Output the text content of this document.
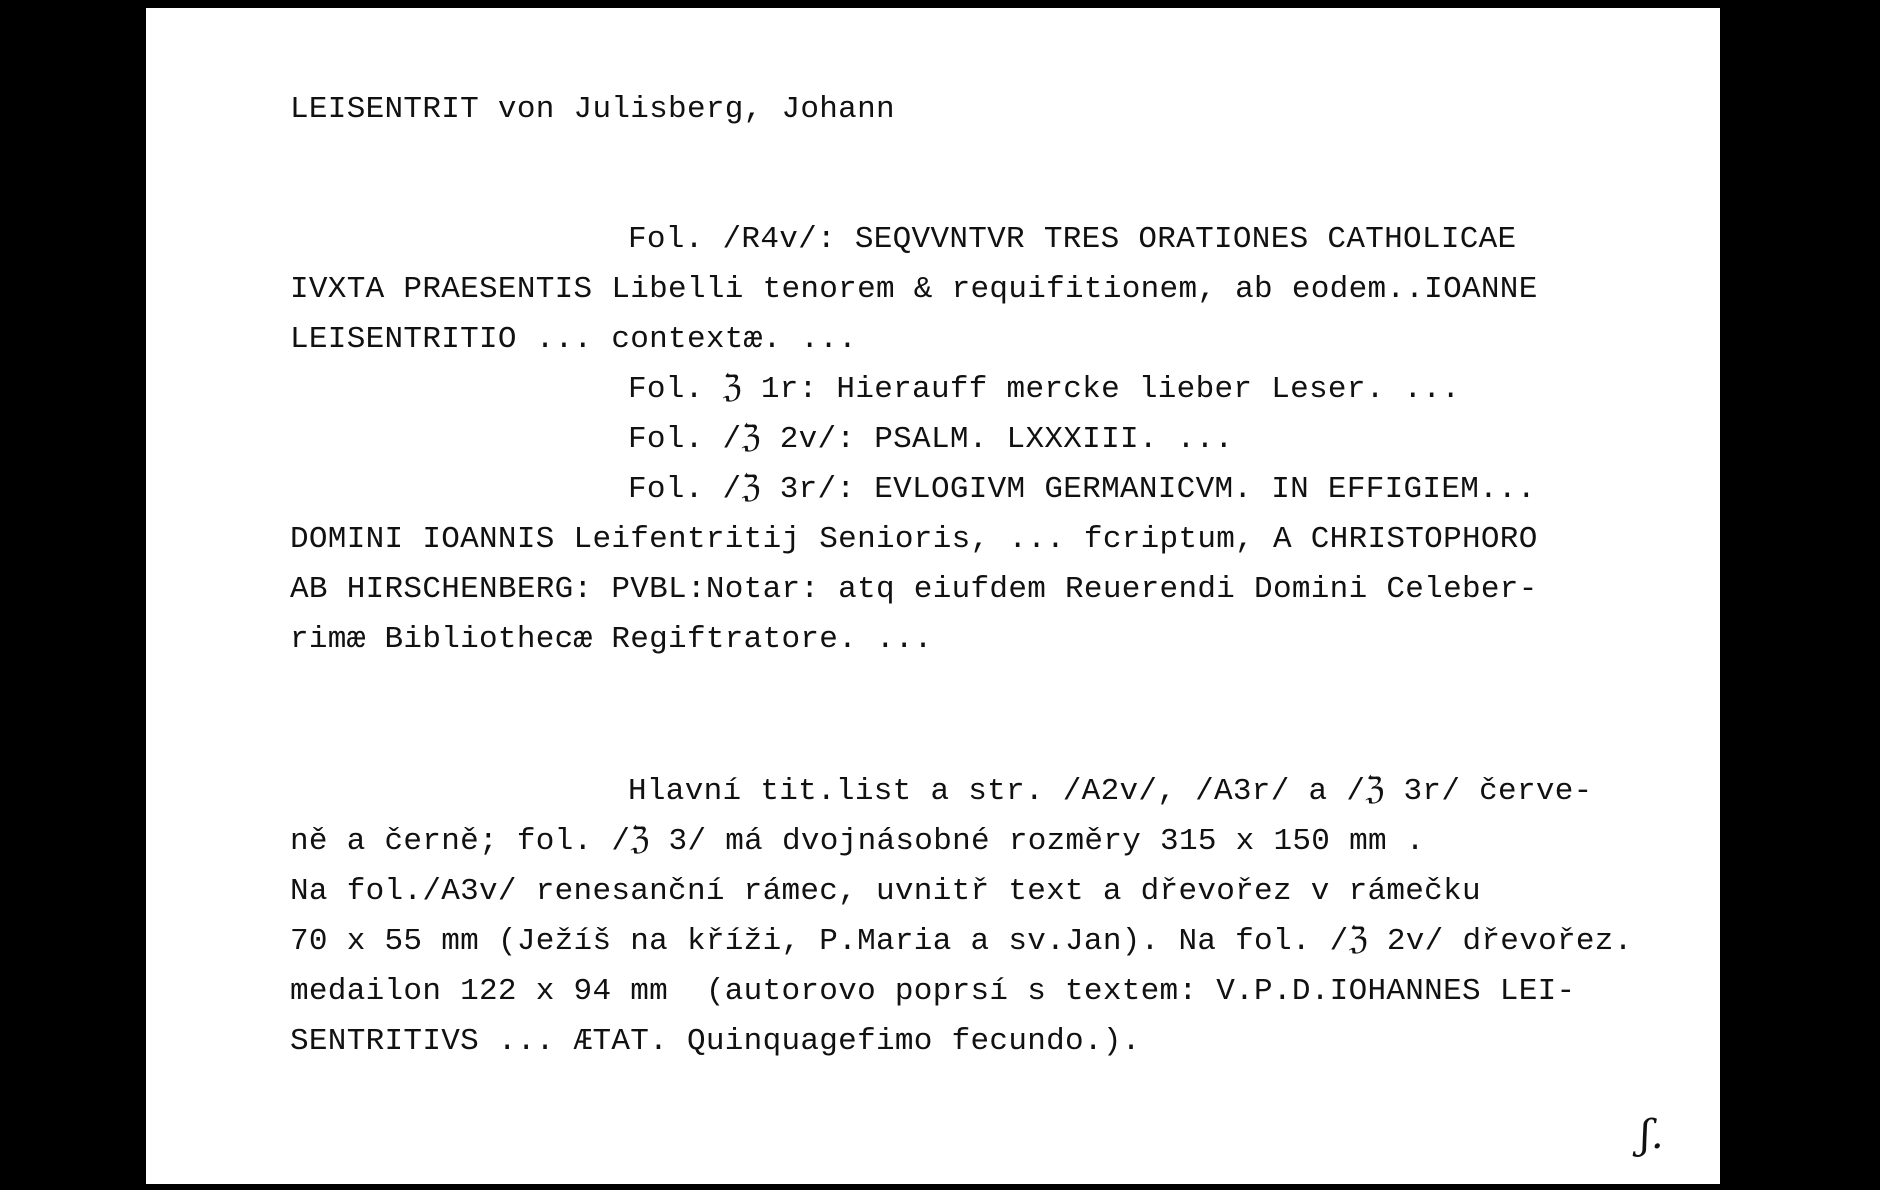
LEISENTRIT von Julisberg, Johann
Fol. /R4v/: SEQVVNTVR TRES ORATIONES CATHOLICAE
IVXTA PRAESENTIS Libelli tenorem & requifitionem, ab eodem..IOANNE
LEISENTRITIO ... contextæ. ...
Fol. ℨ 1r: Hierauff mercke lieber Leser. ...
Fol. /ℨ 2v/: PSALM. LXXXIII. ...
Fol. /ℨ 3r/: EVLOGIVM GERMANICVM. IN EFFIGIEM...
DOMINI IOANNIS Leifentritij Senioris, ... fcriptum, A CHRISTOPHORO
AB HIRSCHENBERG: PVBL:Notar: atq eiufdem Reuerendi Domini Celeber-
rimæ Bibliothecæ Regiftratore. ...
Hlavní tit.list a str. /A2v/, /A3r/ a /ℨ 3r/ červe-
ně a černě; fol. /ℨ 3/ má dvojnásobné rozměry 315 x 150 mm .
Na fol./A3v/ renesanční rámec, uvnitř text a dřevořez v rámečku
70 x 55 mm (Ježíš na kříži, P.Maria a sv.Jan). Na fol. /ℨ 2v/ dřevořez.
medailon 122 x 94 mm  (autorovo poprsí s textem: V.P.D.IOHANNES LEI-
SENTRITIVS ... ÆTAT. Quinquagefimo fecundo.).
ʃ.
